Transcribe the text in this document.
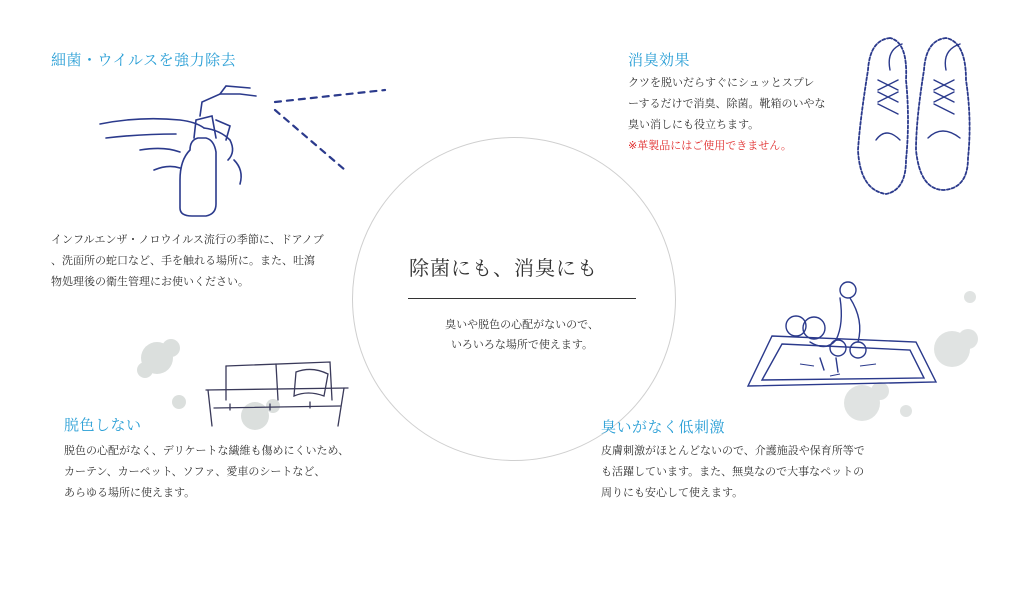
除菌にも、消臭にも

臭いや脱色の心配がないので、
いろいろな場所で使えます。

細菌・ウイルスを強力除去

インフルエンザ・ノロウイルス流行の季節に、ドアノブ
、洗面所の蛇口など、手を触れる場所に。また、吐瀉
物処理後の衛生管理にお使いください。

消臭効果

クツを脱いだらすぐにシュッとスプレ
ーするだけで消臭、除菌。靴箱のいやな
臭い消しにも役立ちます。
※革製品にはご使用できません。

脱色しない

脱色の心配がなく、デリケートな繊維も傷めにくいため、
カーテン、カーペット、ソファ、愛車のシートなど、
あらゆる場所に使えます。

臭いがなく低刺激

皮膚刺激がほとんどないので、介護施設や保育所等で
も活躍しています。また、無臭なので大事なペットの
周りにも安心して使えます。
